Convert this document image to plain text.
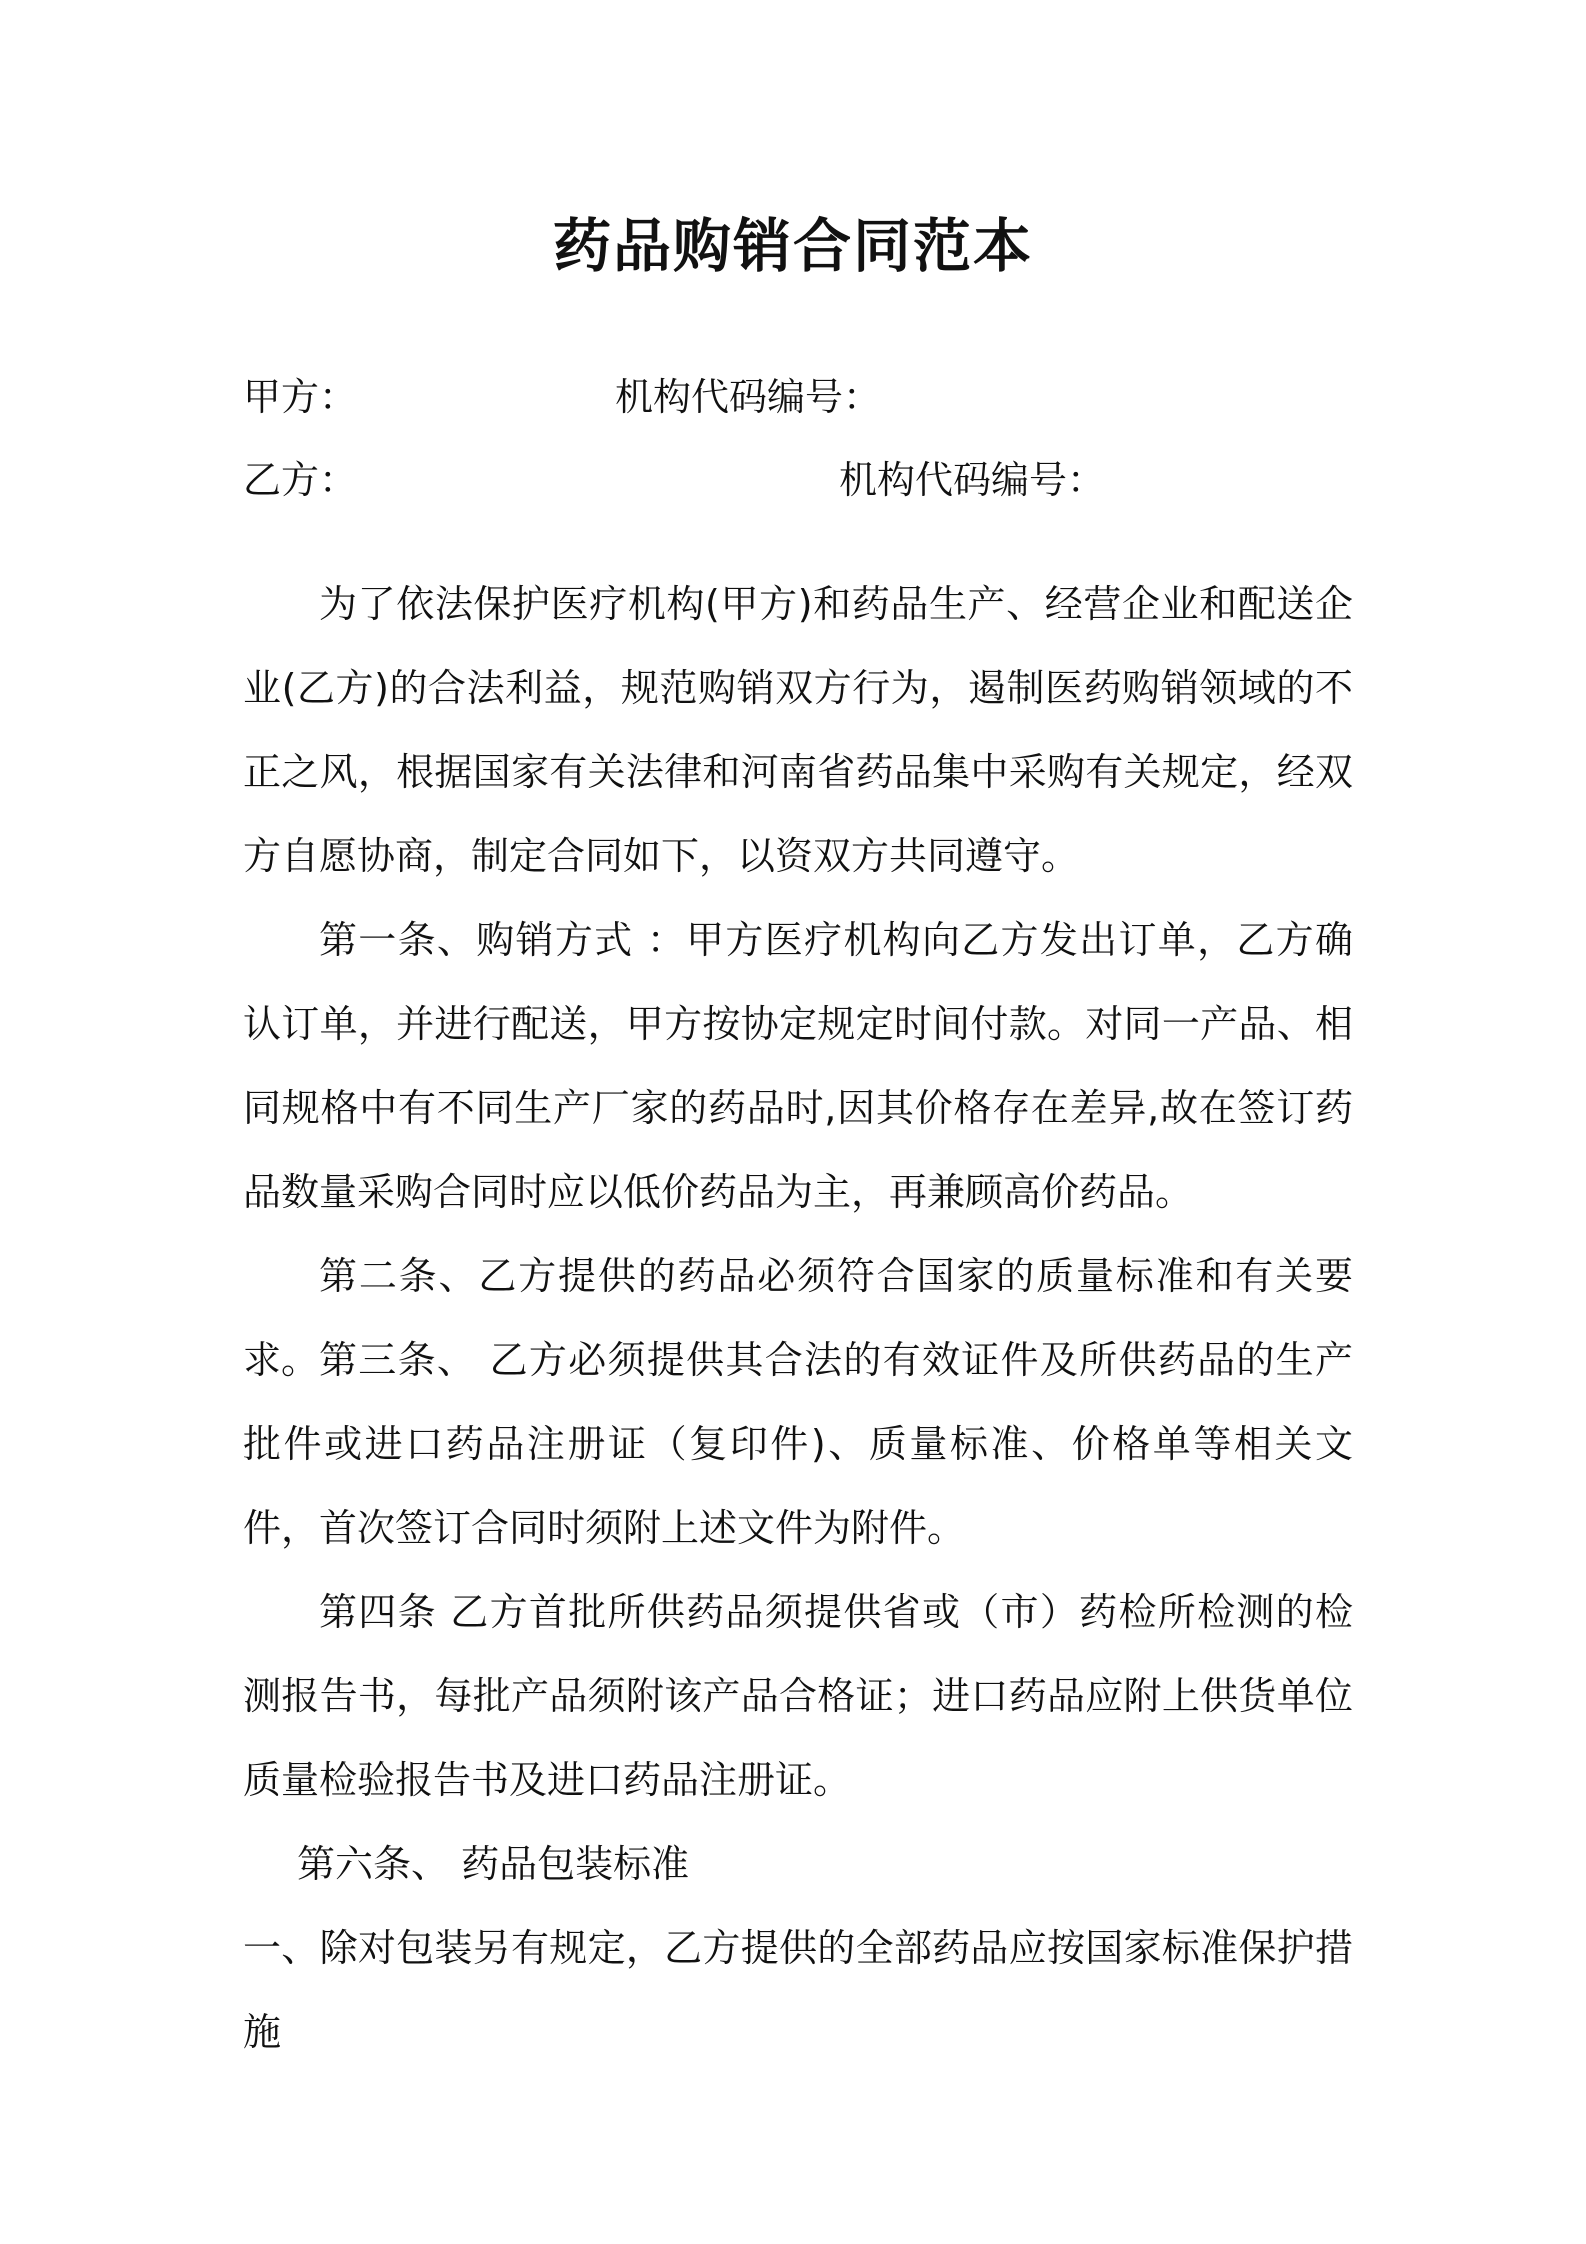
药品购销合同范本
甲方：	机构代码编号：
乙方：	机构代码编号：

为了依法保护医疗机构(甲方)和药品生产、经营企业和配送企业(乙方)的合法利益，规范购销双方行为，遏制医药购销领域的不正之风，根据国家有关法律和河南省药品集中采购有关规定，经双方自愿协商，制定合同如下，以资双方共同遵守。

第一条、购销方式 ：甲方医疗机构向乙方发出订单，乙方确认订单，并进行配送，甲方按协定规定时间付款。对同一产品、相同规格中有不同生产厂家的药品时,因其价格存在差异,故在签订药品数量采购合同时应以低价药品为主，再兼顾高价药品。

第二条、乙方提供的药品必须符合国家的质量标准和有关要求。 第三条、 乙方必须提供其合法的有效证件及所供药品的生产批件或进口药品注册证（复印件)、质量标准、价格单等相关文件，首次签订合同时须附上述文件为附件。

第四条 乙方首批所供药品须提供省或（市）药检所检测的检测报告书，每批产品须附该产品合格证；进口药品应附上供货单位质量检验报告书及进口药品注册证。

第六条、 药品包装标准

一、除对包装另有规定，乙方提供的全部药品应按国家标准保护措施
